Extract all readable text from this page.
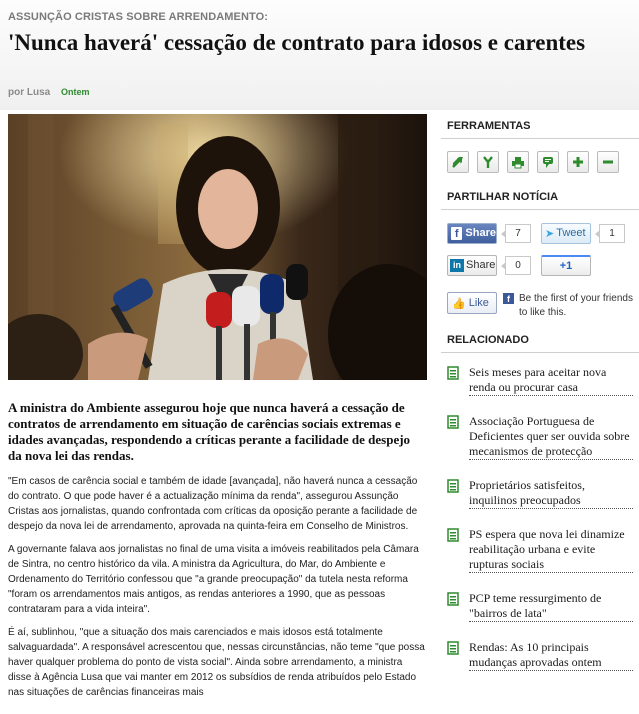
ASSUNÇÃO CRISTAS SOBRE ARRENDAMENTO:
'Nunca haverá' cessação de contrato para idosos e carentes
por Lusa Ontem
A ministra do Ambiente assegurou hoje que nunca haverá a cessação de contratos de arrendamento em situação de carências sociais extremas e idades avançadas, respondendo a críticas perante a facilidade de despejo da nova lei das rendas.

"Em casos de carência social e também de idade [avançada], não haverá nunca a cessação do contrato. O que pode haver é a actualização mínima da renda", assegurou Assunção Cristas aos jornalistas, quando confrontada com críticas da oposição perante a facilidade de despejo da nova lei de arrendamento, aprovada na quinta-feira em Conselho de Ministros.

A governante falava aos jornalistas no final de uma visita a imóveis reabilitados pela Câmara de Sintra, no centro histórico da vila. A ministra da Agricultura, do Mar, do Ambiente e Ordenamento do Território confessou que "a grande preocupação" da tutela nesta reforma "foram os arrendamentos mais antigos, as rendas anteriores a 1990, que as pessoas contrataram para a vida inteira".

É aí, sublinhou, "que a situação dos mais carenciados e mais idosos está totalmente salvaguardada". A responsável acrescentou que, nessas circunstâncias, não teme "que possa haver qualquer problema do ponto de vista social". Ainda sobre arrendamento, a ministra disse à Agência Lusa que vai manter em 2012 os subsídios de renda atribuídos pelo Estado nas situações de carências financeiras mais

FERRAMENTAS
PARTILHAR NOTÍCIA
f Share	7	➤ Tweet	1
in Share	0	+1
👍 Like	f Be the first of your friends to like this.
RELACIONADO
Seis meses para aceitar nova renda ou procurar casa
Associação Portuguesa de Deficientes quer ser ouvida sobre mecanismos de protecção
Proprietários satisfeitos, inquilinos preocupados
PS espera que nova lei dinamize reabilitação urbana e evite rupturas sociais
PCP teme ressurgimento de "bairros de lata"
Rendas: As 10 principais mudanças aprovadas ontem
